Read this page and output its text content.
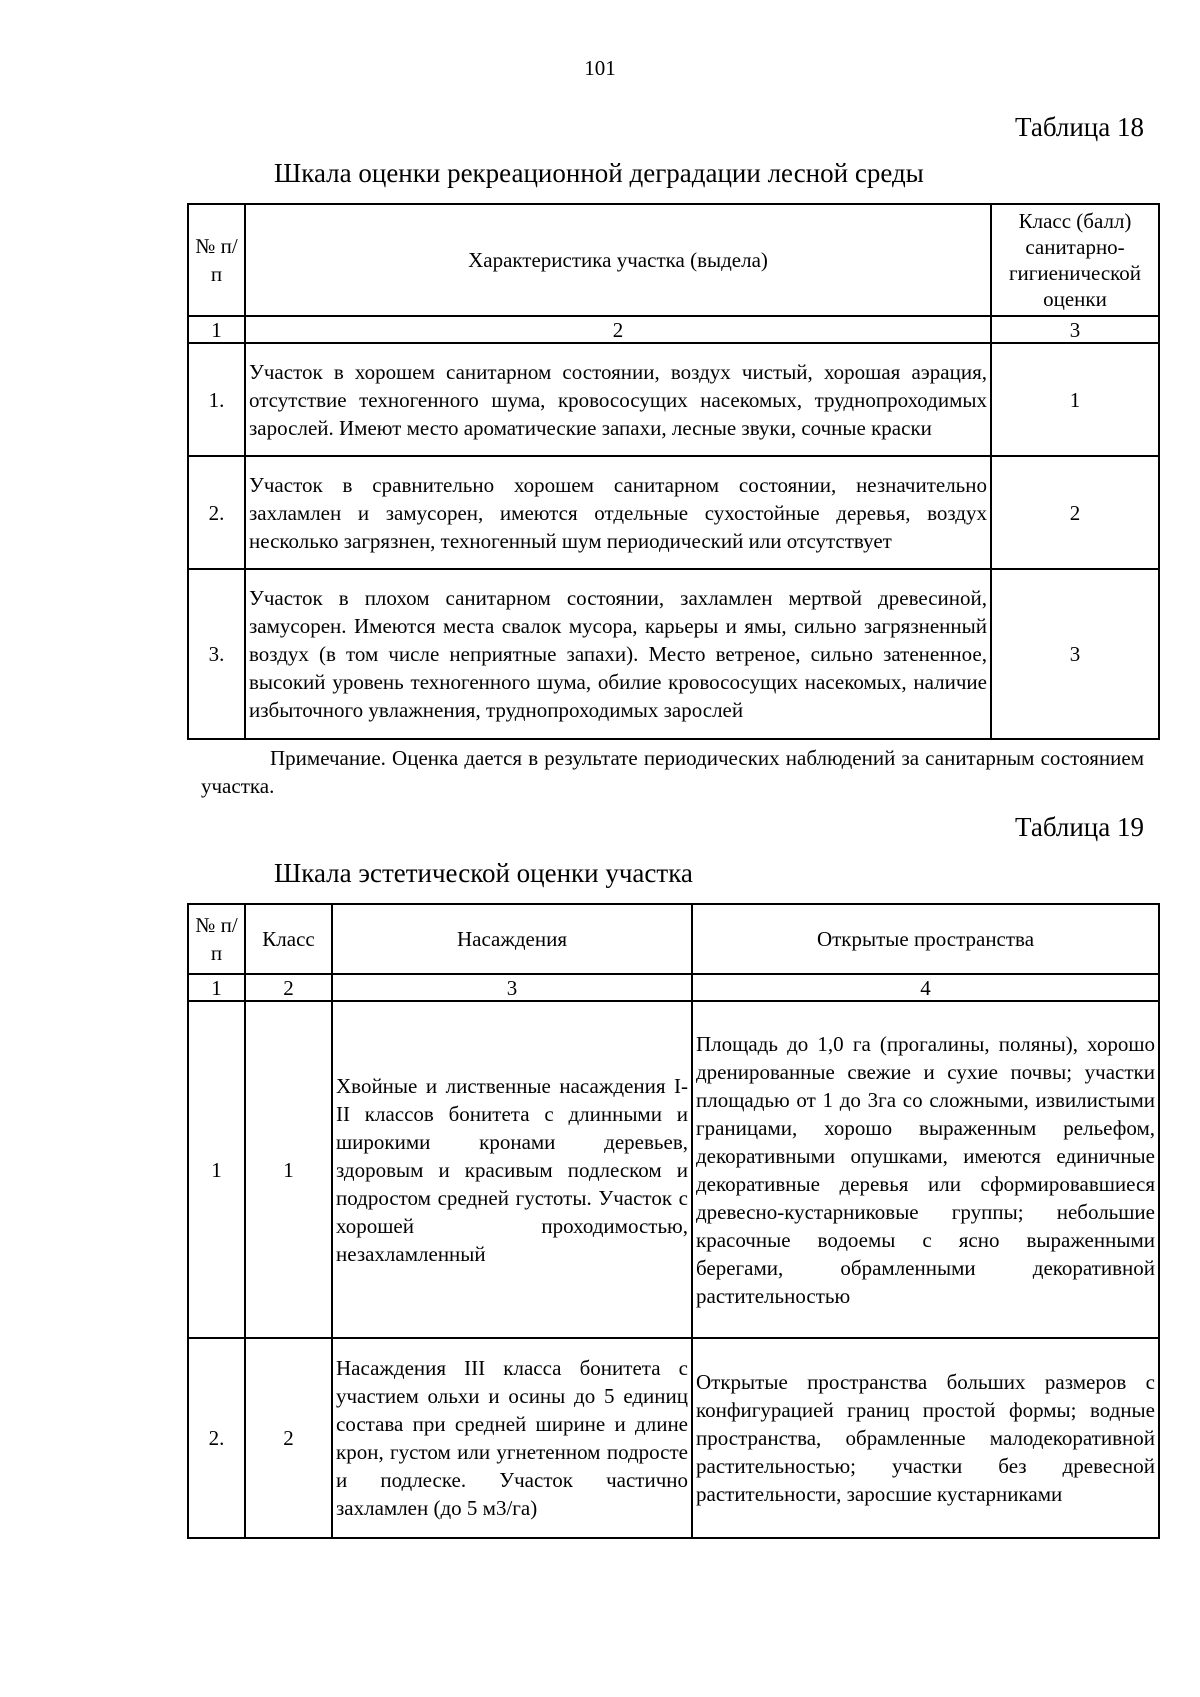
101
Таблица 18
Шкала оценки рекреационной деградации лесной среды
№ п/п	Характеристика участка (выдела)	Класс (балл) санитарно-гигиенической оценки
1	2	3
1.	Участок в хорошем санитарном состоянии, воздух чистый, хорошая аэрация, отсутствие техногенного шума, кровососущих насекомых, труднопроходимых зарослей. Имеют место ароматические запахи, лесные звуки, сочные краски	1
2.	Участок в сравнительно хорошем санитарном состоянии, незначительно захламлен и замусорен, имеются отдельные сухостойные деревья, воздух несколько загрязнен, техногенный шум периодический или отсутствует	2
3.	Участок в плохом санитарном состоянии, захламлен мертвой древесиной, замусорен. Имеются места свалок мусора, карьеры и ямы, сильно загрязненный воздух (в том числе неприятные запахи). Место ветреное, сильно затененное, высокий уровень техногенного шума, обилие кровососущих насекомых, наличие избыточного увлажнения, труднопроходимых зарослей	3
Примечание. Оценка дается в результате периодических наблюдений за санитарным состоянием участка.
Таблица 19
Шкала эстетической оценки участка
№ п/п	Класс	Насаждения	Открытые пространства
1	2	3	4
1	1	Хвойные и лиственные насаждения I-II классов бонитета с длинными и широкими кронами деревьев, здоровым и красивым подлеском и подростом средней густоты. Участок с хорошей проходимостью, незахламленный	Площадь до 1,0 га (прогалины, поляны), хорошо дренированные свежие и сухие почвы; участки площадью от 1 до 3га со сложными, извилистыми границами, хорошо выраженным рельефом, декоративными опушками, имеются единичные декоративные деревья или сформировавшиеся древесно-кустарниковые группы; небольшие красочные водоемы с ясно выраженными берегами, обрамленными декоративной растительностью
2.	2	Насаждения III класса бонитета с участием ольхи и осины до 5 единиц состава при средней ширине и длине крон, густом или угнетенном подросте и подлеске. Участок частично захламлен (до 5 м3/га)	Открытые пространства больших размеров с конфигурацией границ простой формы; водные пространства, обрамленные малодекоративной растительностью; участки без древесной растительности, заросшие кустарниками
